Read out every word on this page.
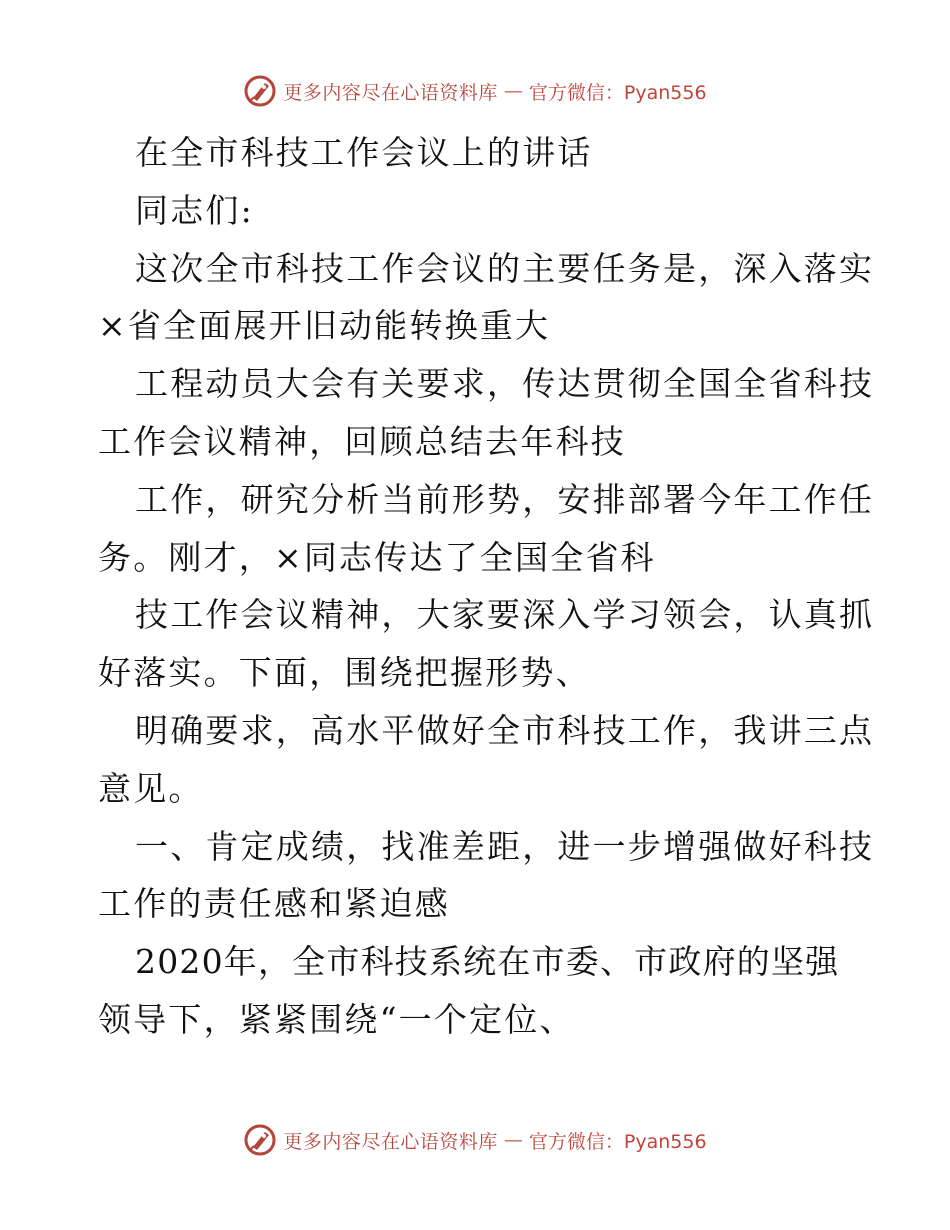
更多内容尽在心语资料库 — 官方微信：Pyan556
在全市科技工作会议上的讲话
同志们:
这次全市科技工作会议的主要任务是，深入落实
×省全面展开旧动能转换重大
工程动员大会有关要求，传达贯彻全国全省科技
工作会议精神，回顾总结去年科技
工作，研究分析当前形势，安排部署今年工作任
务。刚才，×同志传达了全国全省科
技工作会议精神，大家要深入学习领会，认真抓
好落实。下面，围绕把握形势、
明确要求，高水平做好全市科技工作，我讲三点
意见。
一、肯定成绩，找准差距，进一步增强做好科技
工作的责任感和紧迫感
2020年，全市科技系统在市委、市政府的坚强
领导下，紧紧围绕“一个定位、
更多内容尽在心语资料库 — 官方微信：Pyan556
